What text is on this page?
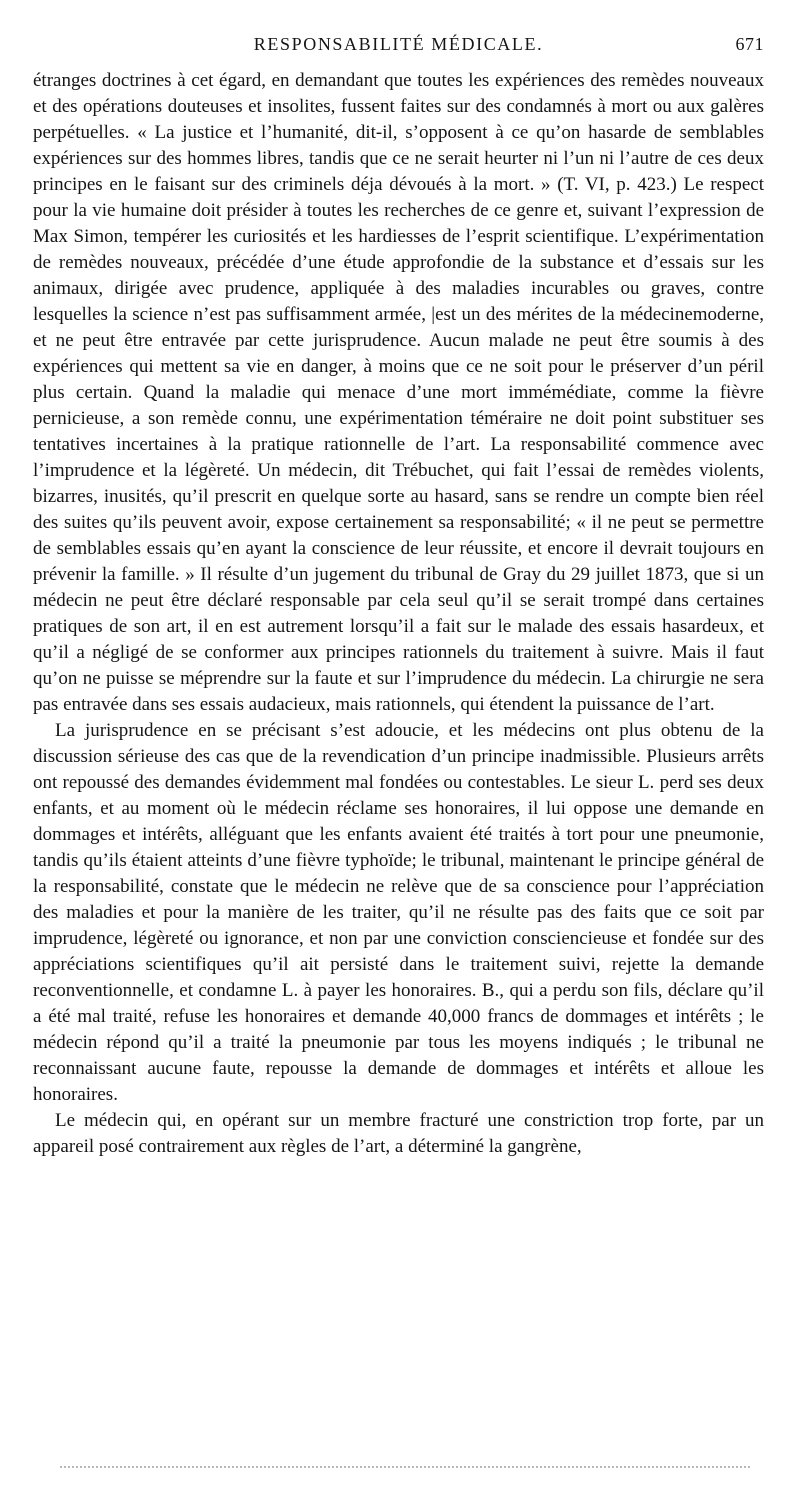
RESPONSABILITÉ MÉDICALE.	671

étranges doctrines à cet égard, en demandant que toutes les expériences des remèdes nouveaux et des opérations douteuses et insolites, fussent faites sur des condamnés à mort ou aux galères perpétuelles. « La justice et l’humanité, dit-il, s’opposent à ce qu’on hasarde de semblables expériences sur des hommes libres, tandis que ce ne serait heurter ni l’un ni l’autre de ces deux principes en le faisant sur des criminels déja dévoués à la mort. » (T. VI, p. 423.) Le respect pour la vie humaine doit présider à toutes les recherches de ce genre et, suivant l’expression de Max Simon, tempérer les curiosités et les hardiesses de l’esprit scientifique. L’expérimentation de remèdes nouveaux, précédée d’une étude approfondie de la substance et d’essais sur les animaux, dirigée avec prudence, appliquée à des maladies incurables ou graves, contre lesquelles la science n’est pas suffisamment armée, |est un des mérites de la médecinemoderne, et ne peut être entravée par cette jurisprudence. Aucun malade ne peut être soumis à des expériences qui mettent sa vie en danger, à moins que ce ne soit pour le préserver d’un péril plus certain. Quand la maladie qui menace d’une mort immémédiate, comme la fièvre pernicieuse, a son remède connu, une expérimentation téméraire ne doit point substituer ses tentatives incertaines à la pratique rationnelle de l’art. La responsabilité commence avec l’imprudence et la légèreté. Un médecin, dit Trébuchet, qui fait l’essai de remèdes violents, bizarres, inusités, qu’il prescrit en quelque sorte au hasard, sans se rendre un compte bien réel des suites qu’ils peuvent avoir, expose certainement sa responsabilité; « il ne peut se permettre de semblables essais qu’en ayant la conscience de leur réussite, et encore il devrait toujours en prévenir la famille. » Il résulte d’un jugement du tribunal de Gray du 29 juillet 1873, que si un médecin ne peut être déclaré responsable par cela seul qu’il se serait trompé dans certaines pratiques de son art, il en est autrement lorsqu’il a fait sur le malade des essais hasardeux, et qu’il a négligé de se conformer aux principes rationnels du traitement à suivre. Mais il faut qu’on ne puisse se méprendre sur la faute et sur l’imprudence du médecin. La chirurgie ne sera pas entravée dans ses essais audacieux, mais rationnels, qui étendent la puissance de l’art.

La jurisprudence en se précisant s’est adoucie, et les médecins ont plus obtenu de la discussion sérieuse des cas que de la revendication d’un principe inadmissible. Plusieurs arrêts ont repoussé des demandes évidemment mal fondées ou contestables. Le sieur L. perd ses deux enfants, et au moment où le médecin réclame ses honoraires, il lui oppose une demande en dommages et intérêts, alléguant que les enfants avaient été traités à tort pour une pneumonie, tandis qu’ils étaient atteints d’une fièvre typhoïde; le tribunal, maintenant le principe général de la responsabilité, constate que le médecin ne relève que de sa conscience pour l’appréciation des maladies et pour la manière de les traiter, qu’il ne résulte pas des faits que ce soit par imprudence, légèreté ou ignorance, et non par une conviction consciencieuse et fondée sur des appréciations scientifiques qu’il ait persisté dans le traitement suivi, rejette la demande reconventionnelle, et condamne L. à payer les honoraires. B., qui a perdu son fils, déclare qu’il a été mal traité, refuse les honoraires et demande 40,000 francs de dommages et intérêts ; le médecin répond qu’il a traité la pneumonie par tous les moyens indiqués ; le tribunal ne reconnaissant aucune faute, repousse la demande de dommages et intérêts et alloue les honoraires.

Le médecin qui, en opérant sur un membre fracturé une constriction trop forte, par un appareil posé contrairement aux règles de l’art, a déterminé la gangrène,
